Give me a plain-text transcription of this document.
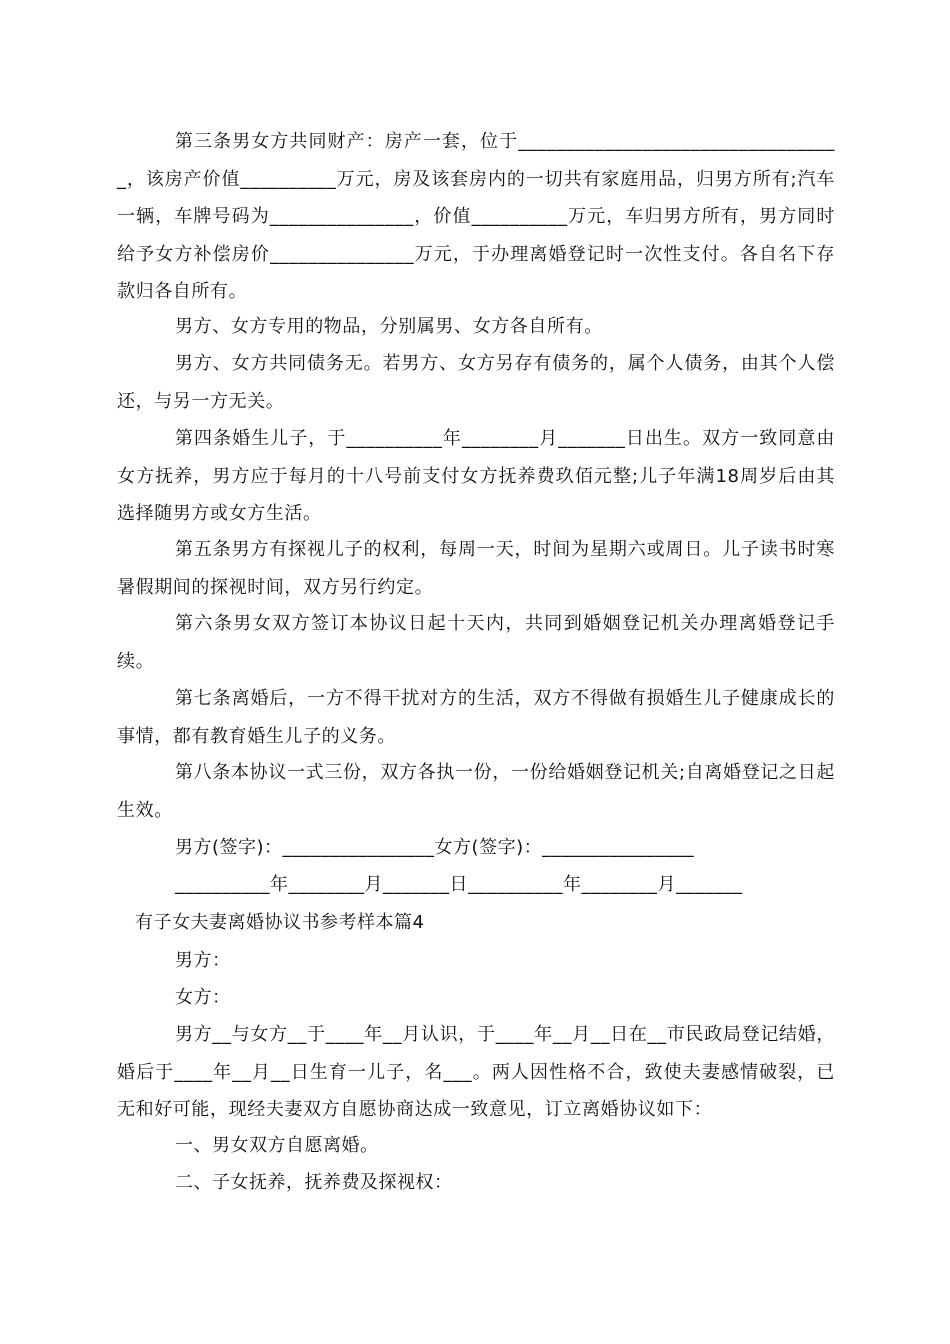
第三条男女方共同财产：房产一套，位于__________________________________，该房产价值__________万元，房及该套房内的一切共有家庭用品，归男方所有;汽车一辆，车牌号码为_______________，价值__________万元，车归男方所有，男方同时给予女方补偿房价_______________万元，于办理离婚登记时一次性支付。各自名下存款归各自所有。

男方、女方专用的物品，分别属男、女方各自所有。

男方、女方共同债务无。若男方、女方另存有债务的，属个人债务，由其个人偿还，与另一方无关。

第四条婚生儿子，于__________年________月_______日出生。双方一致同意由女方抚养，男方应于每月的十八号前支付女方抚养费玖佰元整;儿子年满18周岁后由其选择随男方或女方生活。

第五条男方有探视儿子的权利，每周一天，时间为星期六或周日。儿子读书时寒暑假期间的探视时间，双方另行约定。

第六条男女双方签订本协议日起十天内，共同到婚姻登记机关办理离婚登记手续。

第七条离婚后，一方不得干扰对方的生活，双方不得做有损婚生儿子健康成长的事情，都有教育婚生儿子的义务。

第八条本协议一式三份，双方各执一份，一份给婚姻登记机关;自离婚登记之日起生效。

男方(签字)：________________女方(签字)：________________
__________年________月_______日__________年________月_______
有子女夫妻离婚协议书参考样本篇4
男方：
女方：

男方__与女方__于____年__月认识，于____年__月__日在__市民政局登记结婚，婚后于____年__月__日生育一儿子，名___。两人因性格不合，致使夫妻感情破裂，已无和好可能，现经夫妻双方自愿协商达成一致意见，订立离婚协议如下：

一、男女双方自愿离婚。
二、子女抚养，抚养费及探视权：
